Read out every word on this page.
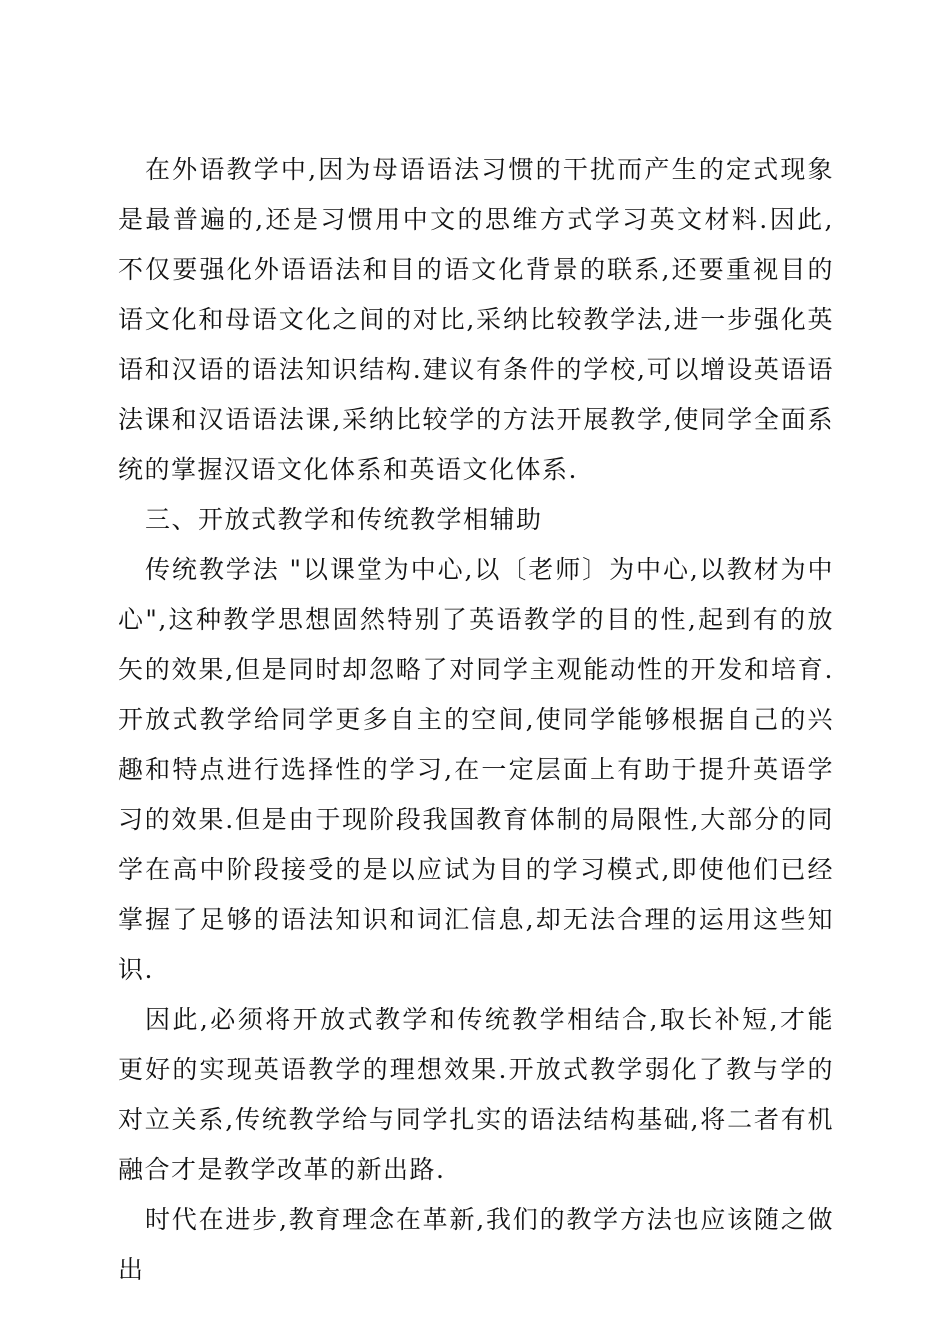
在外语教学中,因为母语语法习惯的干扰而产生的定式现象是最普遍的,还是习惯用中文的思维方式学习英文材料.因此,不仅要强化外语语法和目的语文化背景的联系,还要重视目的语文化和母语文化之间的对比,采纳比较教学法,进一步强化英语和汉语的语法知识结构.建议有条件的学校,可以增设英语语法课和汉语语法课,采纳比较学的方法开展教学,使同学全面系统的掌握汉语文化体系和英语文化体系.

三、开放式教学和传统教学相辅助

传统教学法 "以课堂为中心,以〔老师〕为中心,以教材为中心",这种教学思想固然特别了英语教学的目的性,起到有的放矢的效果,但是同时却忽略了对同学主观能动性的开发和培育.开放式教学给同学更多自主的空间,使同学能够根据自己的兴趣和特点进行选择性的学习,在一定层面上有助于提升英语学习的效果.但是由于现阶段我国教育体制的局限性,大部分的同学在高中阶段接受的是以应试为目的学习模式,即使他们已经掌握了足够的语法知识和词汇信息,却无法合理的运用这些知识.

因此,必须将开放式教学和传统教学相结合,取长补短,才能更好的实现英语教学的理想效果.开放式教学弱化了教与学的对立关系,传统教学给与同学扎实的语法结构基础,将二者有机融合才是教学改革的新出路.

时代在进步,教育理念在革新,我们的教学方法也应该随之做出
